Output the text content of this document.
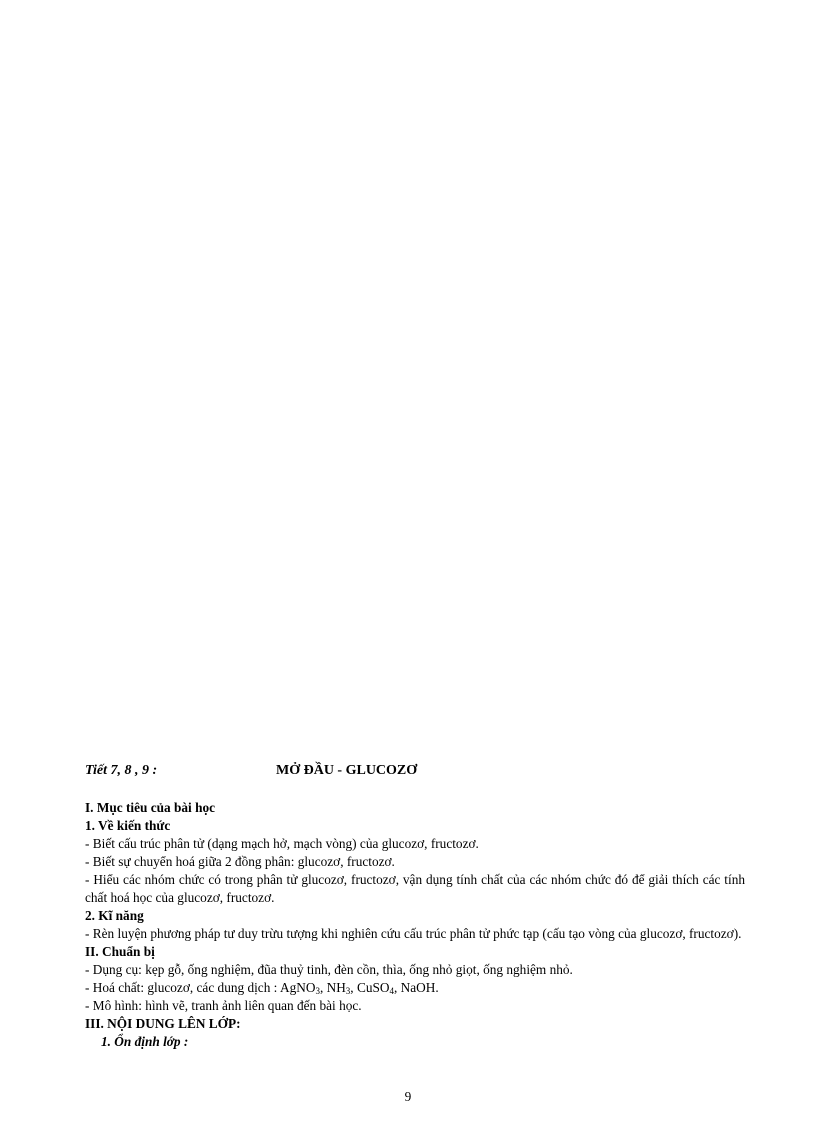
Tiết 7, 8 , 9 :	MỞ ĐẦU - GLUCOZƠ
I. Mục tiêu của bài học
1. Về kiến thức
- Biết cấu trúc phân tử (dạng mạch hở, mạch vòng) của glucozơ, fructozơ.
- Biết sự chuyển hoá giữa 2 đồng phân: glucozơ, fructozơ.
- Hiểu các nhóm chức có trong phân tử glucozơ, fructozơ, vận dụng tính chất của các nhóm chức đó để giải thích các tính chất hoá học của glucozơ, fructozơ.
2. Kĩ năng
- Rèn luyện phương pháp tư duy trừu tượng khi nghiên cứu cấu trúc phân tử phức tạp (cấu tạo vòng của glucozơ, fructozơ).
II. Chuẩn bị
- Dụng cụ: kẹp gỗ, ống nghiệm, đũa thuỷ tinh, đèn cồn, thìa, ống nhỏ giọt, ống nghiệm nhỏ.
- Hoá chất: glucozơ, các dung dịch : AgNO$_3$, $NH_3$, CuSO$_4$, NaOH.
- Mô hình: hình vẽ, tranh ảnh liên quan đến bài học.
III. NỘI DUNG LÊN LỚP:
1. Ổn định lớp :
9
